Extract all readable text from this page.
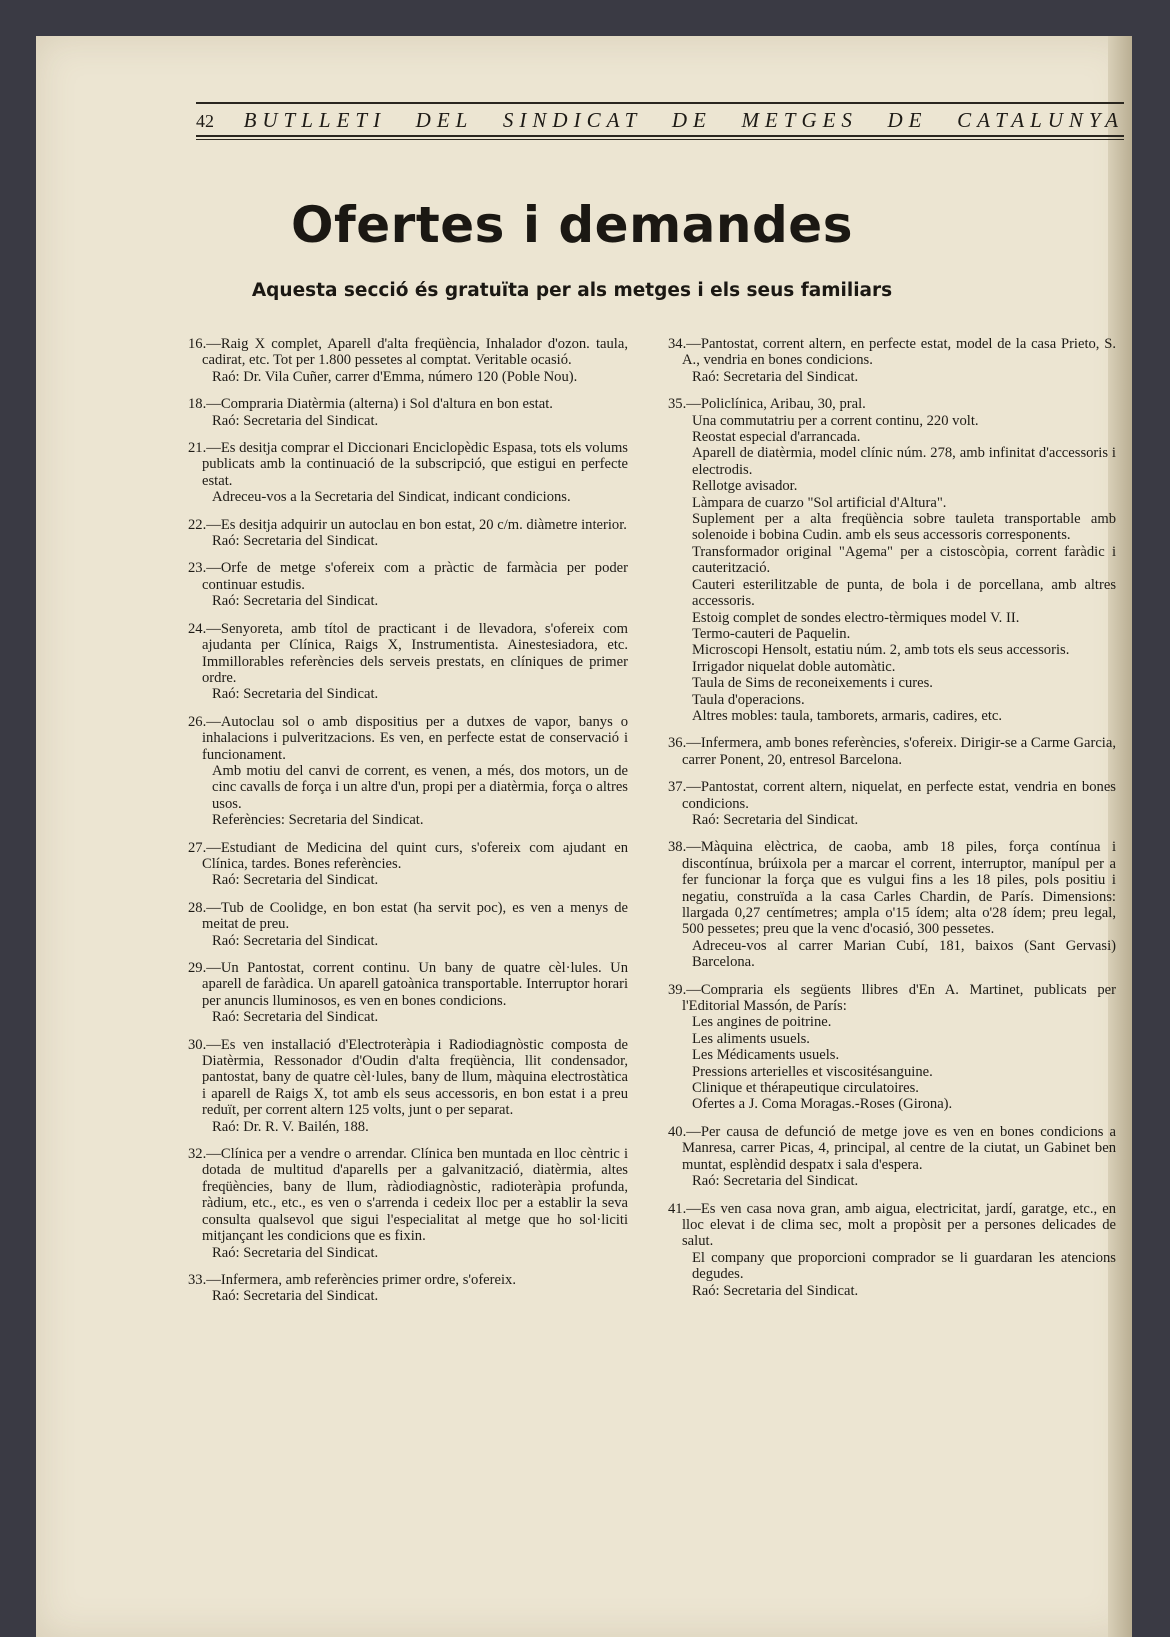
42 BUTLLETI DEL SINDICAT DE METGES DE CATALUNYA
Ofertes i demandes
Aquesta secció és gratuïta per als metges i els seus familiars

16.—Raig X complet, Aparell d'alta freqüència, Inhalador d'ozon. taula, cadirat, etc. Tot per 1.800 pessetes al comptat. Veritable ocasió.

Raó: Dr. Vila Cuñer, carrer d'Emma, número 120 (Poble Nou).

18.—Compraria Diatèrmia (alterna) i Sol d'altura en bon estat.

Raó: Secretaria del Sindicat.

21.—Es desitja comprar el Diccionari Enciclopèdic Espasa, tots els volums publicats amb la continuació de la subscripció, que estigui en perfecte estat.

Adreceu-vos a la Secretaria del Sindicat, indicant condicions.

22.—Es desitja adquirir un autoclau en bon estat, 20 c/m. diàmetre interior.

Raó: Secretaria del Sindicat.

23.—Orfe de metge s'ofereix com a pràctic de farmàcia per poder continuar estudis.

Raó: Secretaria del Sindicat.

24.—Senyoreta, amb títol de practicant i de llevadora, s'ofereix com ajudanta per Clínica, Raigs X, Instrumentista. Ainestesiadora, etc. Immillorables referències dels serveis prestats, en clíniques de primer ordre.

Raó: Secretaria del Sindicat.

26.—Autoclau sol o amb dispositius per a dutxes de vapor, banys o inhalacions i pulveritzacions. Es ven, en perfecte estat de conservació i funcionament.

Amb motiu del canvi de corrent, es venen, a més, dos motors, un de cinc cavalls de força i un altre d'un, propi per a diatèrmia, força o altres usos.

Referències: Secretaria del Sindicat.

27.—Estudiant de Medicina del quint curs, s'ofereix com ajudant en Clínica, tardes. Bones referències.

Raó: Secretaria del Sindicat.

28.—Tub de Coolidge, en bon estat (ha servit poc), es ven a menys de meitat de preu.

Raó: Secretaria del Sindicat.

29.—Un Pantostat, corrent continu. Un bany de quatre cèl·lules. Un aparell de faràdica. Un aparell gatoànica transportable. Interruptor horari per anuncis lluminosos, es ven en bones condicions.

Raó: Secretaria del Sindicat.

30.—Es ven installació d'Electroteràpia i Radiodiagnòstic composta de Diatèrmia, Ressonador d'Oudin d'alta freqüència, llit condensador, pantostat, bany de quatre cèl·lules, bany de llum, màquina electrostàtica i aparell de Raigs X, tot amb els seus accessoris, en bon estat i a preu reduït, per corrent altern 125 volts, junt o per separat.

Raó: Dr. R. V. Bailén, 188.

32.—Clínica per a vendre o arrendar. Clínica ben muntada en lloc cèntric i dotada de multitud d'aparells per a galvanització, diatèrmia, altes freqüències, bany de llum, ràdiodiagnòstic, radioteràpia profunda, ràdium, etc., etc., es ven o s'arrenda i cedeix lloc per a establir la seva consulta qualsevol que sigui l'especialitat al metge que ho sol·liciti mitjançant les condicions que es fixin.

Raó: Secretaria del Sindicat.

33.—Infermera, amb referències primer ordre, s'ofereix.

Raó: Secretaria del Sindicat.

34.—Pantostat, corrent altern, en perfecte estat, model de la casa Prieto, S. A., vendria en bones condicions.

Raó: Secretaria del Sindicat.

35.—Policlínica, Aribau, 30, pral.

Una commutatriu per a corrent continu, 220 volt.

Reostat especial d'arrancada.

Aparell de diatèrmia, model clínic núm. 278, amb infinitat d'accessoris i electrodis.

Rellotge avisador.

Làmpara de cuarzo "Sol artificial d'Altura".

Suplement per a alta freqüència sobre tauleta transportable amb solenoide i bobina Cudin. amb els seus accessoris corresponents.

Transformador original "Agema" per a cistoscòpia, corrent faràdic i cauterització.

Cauteri esterilitzable de punta, de bola i de porcellana, amb altres accessoris.

Estoig complet de sondes electro-tèrmiques model V. II.

Termo-cauteri de Paquelin.

Microscopi Hensolt, estatiu núm. 2, amb tots els seus accessoris.

Irrigador niquelat doble automàtic.

Taula de Sims de reconeixements i cures.

Taula d'operacions.

Altres mobles: taula, tamborets, armaris, cadires, etc.

36.—Infermera, amb bones referències, s'ofereix. Dirigir-se a Carme Garcia, carrer Ponent, 20, entresol Barcelona.

37.—Pantostat, corrent altern, niquelat, en perfecte estat, vendria en bones condicions.

Raó: Secretaria del Sindicat.

38.—Màquina elèctrica, de caoba, amb 18 piles, força contínua i discontínua, brúixola per a marcar el corrent, interruptor, manípul per a fer funcionar la força que es vulgui fins a les 18 piles, pols positiu i negatiu, construïda a la casa Carles Chardin, de París. Dimensions: llargada 0,27 centímetres; ampla o'15 ídem; alta o'28 ídem; preu legal, 500 pessetes; preu que la venc d'ocasió, 300 pessetes.

Adreceu-vos al carrer Marian Cubí, 181, baixos (Sant Gervasi) Barcelona.

39.—Compraria els següents llibres d'En A. Martinet, publicats per l'Editorial Massón, de París:

Les angines de poitrine.

Les aliments usuels.

Les Médicaments usuels.

Pressions arterielles et viscositésanguine.

Clinique et thérapeutique circulatoires.

Ofertes a J. Coma Moragas.-Roses (Girona).

40.—Per causa de defunció de metge jove es ven en bones condicions a Manresa, carrer Picas, 4, principal, al centre de la ciutat, un Gabinet ben muntat, esplèndid despatx i sala d'espera.

Raó: Secretaria del Sindicat.

41.—Es ven casa nova gran, amb aigua, electricitat, jardí, garatge, etc., en lloc elevat i de clima sec, molt a propòsit per a persones delicades de salut.

El company que proporcioni comprador se li guardaran les atencions degudes.

Raó: Secretaria del Sindicat.
